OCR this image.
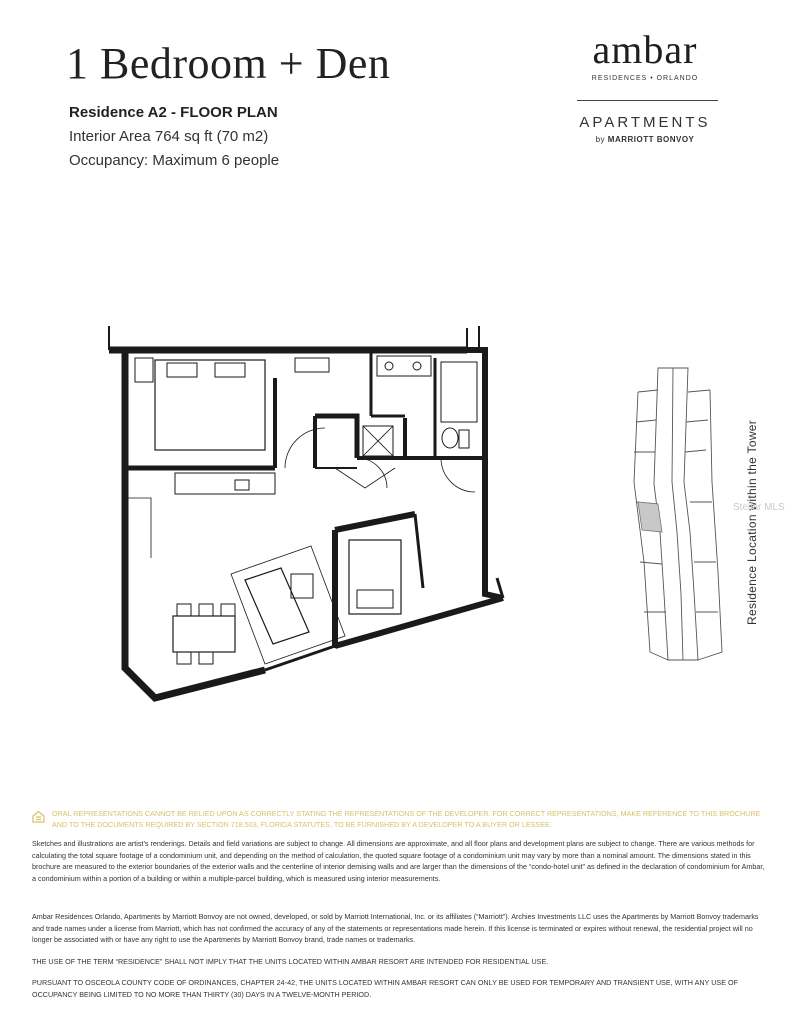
1 Bedroom + Den
Residence A2 - FLOOR PLAN
Interior Area 764 sq ft (70 m2)
Occupancy: Maximum 6 people
ambar
RESIDENCES • ORLANDO
APARTMENTS
by MARRIOTT BONVOY
Residence Location within the Tower
Stellar MLS
ORAL REPRESENTATIONS CANNOT BE RELIED UPON AS CORRECTLY STATING THE REPRESENTATIONS OF THE DEVELOPER. FOR CORRECT REPRESENTATIONS, MAKE REFERENCE TO THIS BROCHURE AND TO THE DOCUMENTS REQUIRED BY SECTION 718.503, FLORIDA STATUTES, TO BE FURNISHED BY A DEVELOPER TO A BUYER OR LESSEE.
Sketches and illustrations are artist’s renderings. Details and field variations are subject to change. All dimensions are approximate, and all floor plans and development plans are subject to change. There are various methods for calculating the total square footage of a condominium unit, and depending on the method of calculation, the quoted square footage of a condominium unit may vary by more than a nominal amount. The dimensions stated in this brochure are measured to the exterior boundaries of the exterior walls and the centerline of interior demising walls and are larger than the dimensions of the “condo-hotel unit” as defined in the declaration of condominium for Ambar, a condominium within a portion of a building or within a multiple-parcel building, which is measured using interior measurements.
Ambar Residences Orlando, Apartments by Marriott Bonvoy are not owned, developed, or sold by Marriott International, Inc. or its affiliates (“Marriott”). Archies Investments LLC uses the Apartments by Marriott Bonvoy trademarks and trade names under a license from Marriott, which has not confirmed the accuracy of any of the statements or representations made herein. If this license is terminated or expires without renewal, the residential project will no longer be associated with or have any right to use the Apartments by Marriott Bonvoy brand, trade names or trademarks.
THE USE OF THE TERM “RESIDENCE” SHALL NOT IMPLY THAT THE UNITS LOCATED WITHIN AMBAR RESORT ARE INTENDED FOR RESIDENTIAL USE.
PURSUANT TO OSCEOLA COUNTY CODE OF ORDINANCES, CHAPTER 24-42, THE UNITS LOCATED WITHIN AMBAR RESORT CAN ONLY BE USED FOR TEMPORARY AND TRANSIENT USE, WITH ANY USE OF OCCUPANCY BEING LIMITED TO NO MORE THAN THIRTY (30) DAYS IN A TWELVE-MONTH PERIOD.
